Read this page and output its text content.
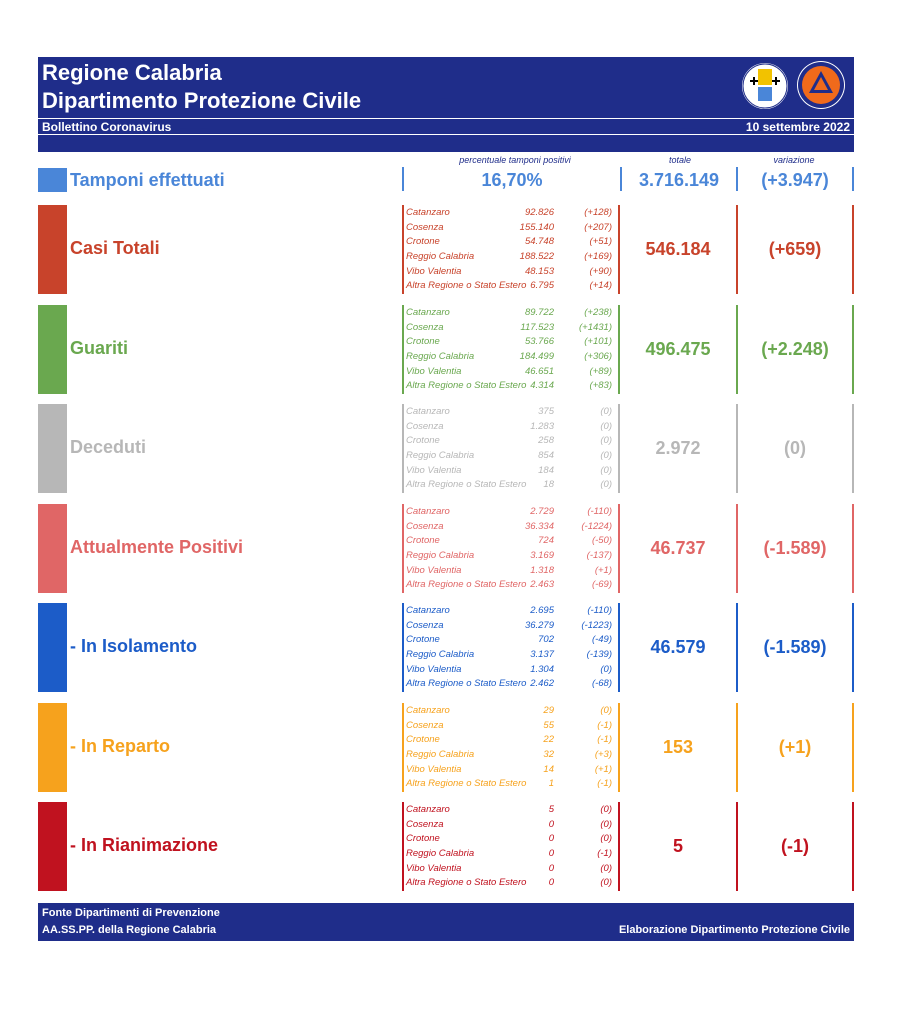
Regione Calabria
Dipartimento Protezione Civile
Bollettino Coronavirus	10 settembre 2022
percentuale tamponi positivi	totale	variazione
Tamponi effettuati	16,70%	3.716.149	(+3.947)
Casi Totali
Catanzaro	92.826	(+128)
Cosenza	155.140	(+207)
Crotone	54.748	(+51)
Reggio Calabria	188.522	(+169)
Vibo Valentia	48.153	(+90)
Altra Regione o Stato Estero 6.795	(+14)
546.184	(+659)
Guariti
Catanzaro	89.722	(+238)
Cosenza	117.523	(+1431)
Crotone	53.766	(+101)
Reggio Calabria	184.499	(+306)
Vibo Valentia	46.651	(+89)
Altra Regione o Stato Estero 4.314	(+83)
496.475	(+2.248)
Deceduti
Catanzaro	375	(0)
Cosenza	1.283	(0)
Crotone	258	(0)
Reggio Calabria	854	(0)
Vibo Valentia	184	(0)
Altra Regione o Stato Estero 18	(0)
2.972	(0)
Attualmente Positivi
Catanzaro	2.729	(-110)
Cosenza	36.334	(-1224)
Crotone	724	(-50)
Reggio Calabria	3.169	(-137)
Vibo Valentia	1.318	(+1)
Altra Regione o Stato Estero 2.463	(-69)
46.737	(-1.589)
- In Isolamento
Catanzaro	2.695	(-110)
Cosenza	36.279	(-1223)
Crotone	702	(-49)
Reggio Calabria	3.137	(-139)
Vibo Valentia	1.304	(0)
Altra Regione o Stato Estero 2.462	(-68)
46.579	(-1.589)
- In Reparto
Catanzaro	29	(0)
Cosenza	55	(-1)
Crotone	22	(-1)
Reggio Calabria	32	(+3)
Vibo Valentia	14	(+1)
Altra Regione o Stato Estero 1	(-1)
153	(+1)
- In Rianimazione
Catanzaro	5	(0)
Cosenza	0	(0)
Crotone	0	(0)
Reggio Calabria	0	(-1)
Vibo Valentia	0	(0)
Altra Regione o Stato Estero 0	(0)
5	(-1)
Fonte Dipartimenti di Prevenzione
AA.SS.PP. della Regione Calabria	Elaborazione Dipartimento Protezione Civile
